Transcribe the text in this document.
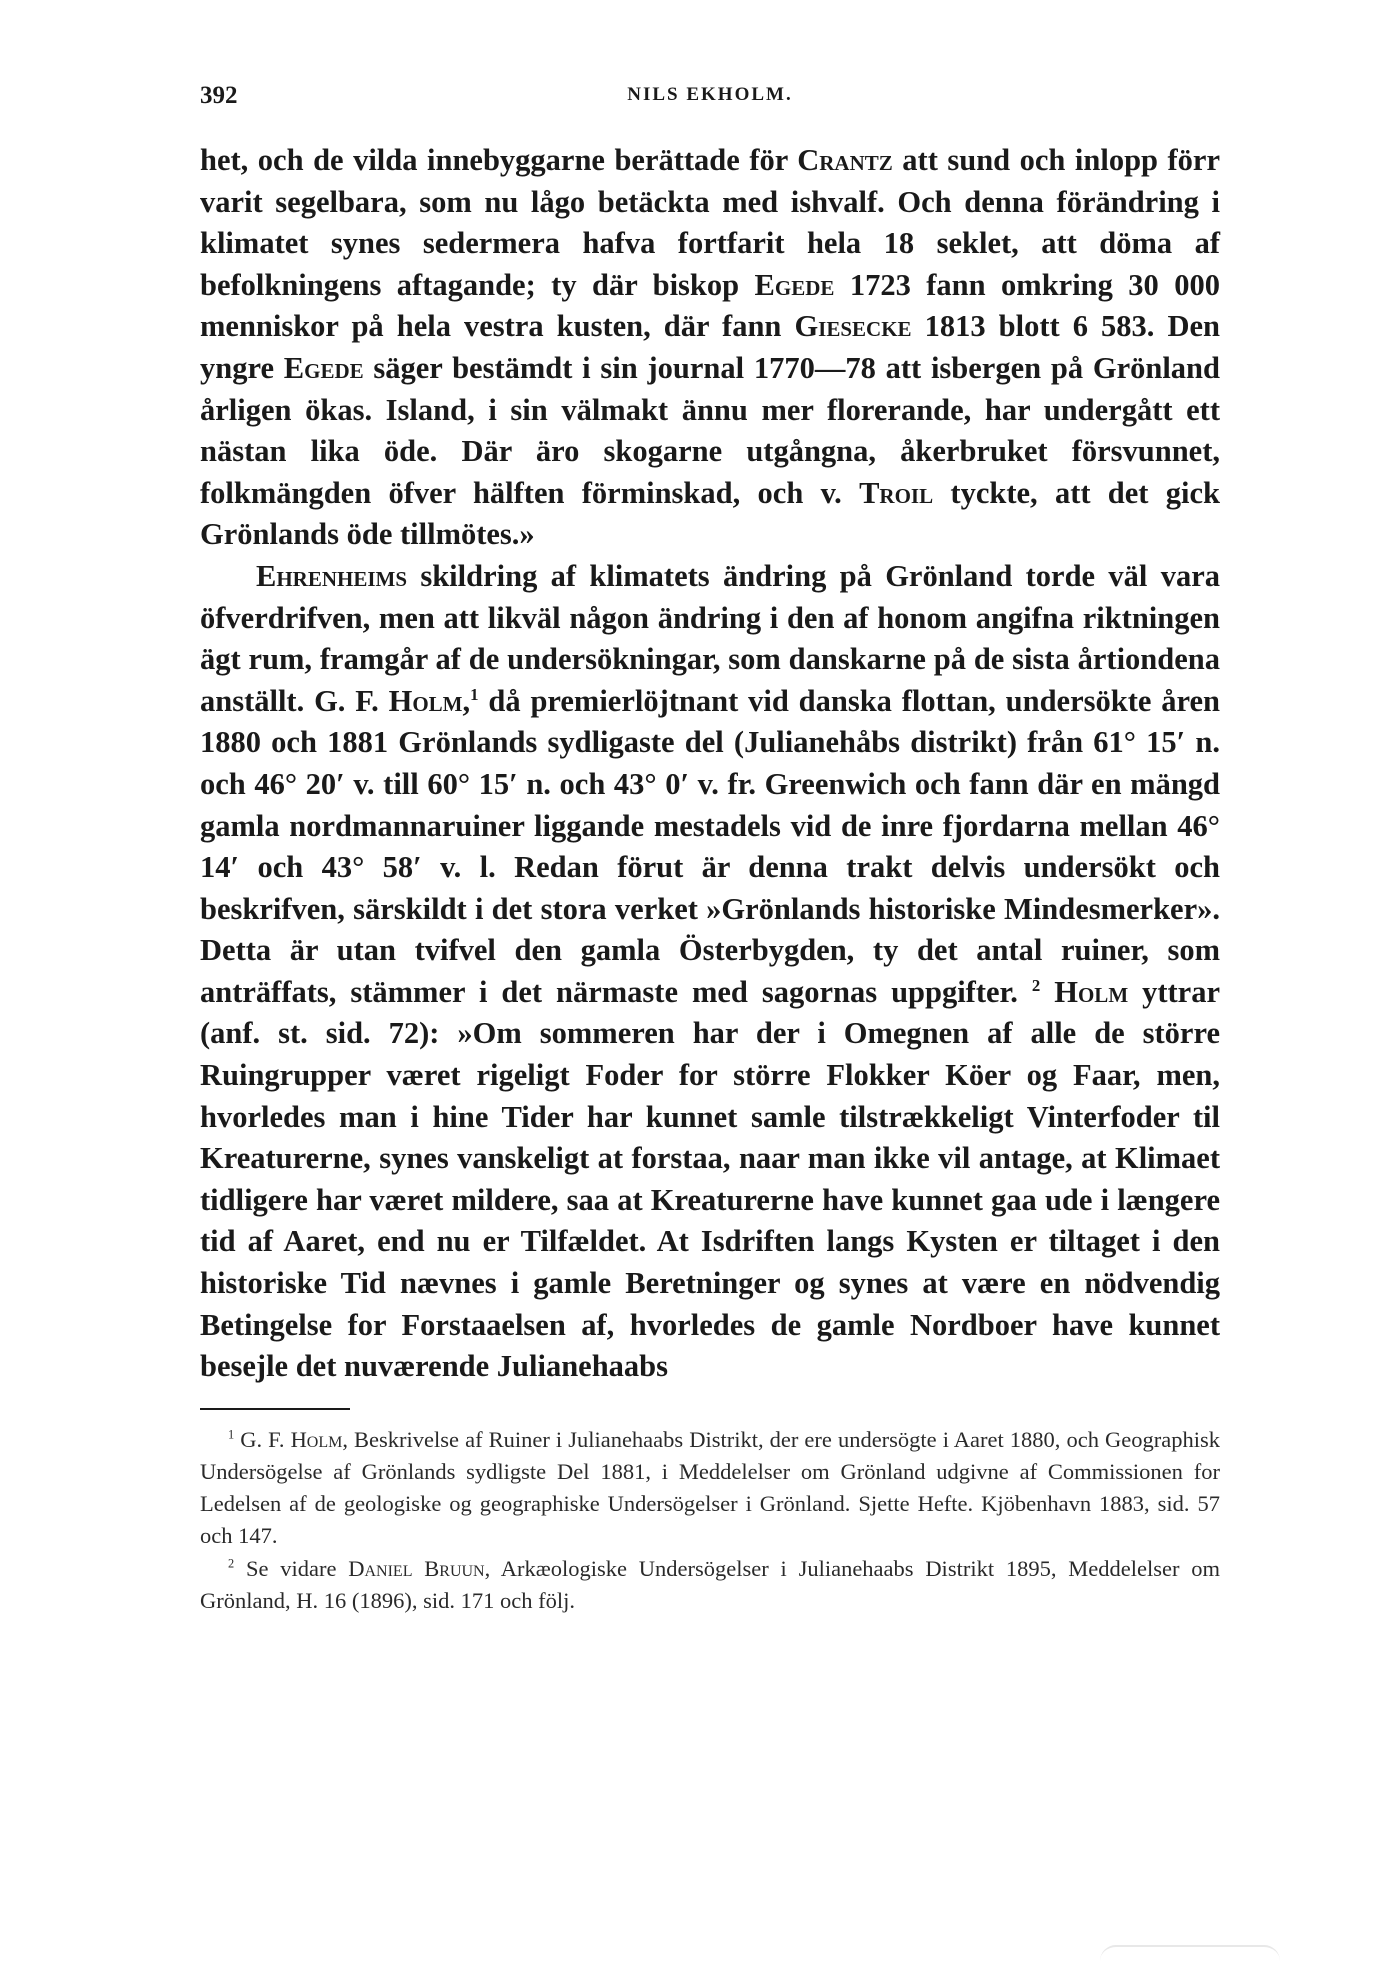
392	NILS EKHOLM.

het, och de vilda innebyggarne berättade för Crantz att sund och inlopp förr varit segelbara, som nu lågo betäckta med ishvalf. Och denna förändring i klimatet synes sedermera hafva fortfarit hela 18 seklet, att döma af befolkningens aftagande; ty där biskop Egede 1723 fann omkring 30 000 menniskor på hela vestra kusten, där fann Giesecke 1813 blott 6 583. Den yngre Egede säger bestämdt i sin journal 1770—78 att isbergen på Grönland årligen ökas. Island, i sin välmakt ännu mer florerande, har undergått ett nästan lika öde. Där äro skogarne utgångna, åkerbruket försvunnet, folkmängden öfver hälften förminskad, och v. Troil tyckte, att det gick Grönlands öde tillmötes.»

Ehrenheims skildring af klimatets ändring på Grönland torde väl vara öfverdrifven, men att likväl någon ändring i den af honom angifna riktningen ägt rum, framgår af de undersökningar, som danskarne på de sista årtiondena anställt. G. F. Holm,$^1$ då premierlöjtnant vid danska flottan, undersökte åren 1880 och 1881 Grönlands sydligaste del (Julianehåbs distrikt) från 61° 15′ n. och 46° 20′ v. till 60° 15′ n. och 43° 0′ v. fr. Greenwich och fann där en mängd gamla nordmannaruiner liggande mestadels vid de inre fjordarna mellan 46° 14′ och 43° 58′ v. l. Redan förut är denna trakt delvis undersökt och beskrifven, särskildt i det stora verket »Grönlands historiske Mindesmerker». Detta är utan tvifvel den gamla Österbygden, ty det antal ruiner, som anträffats, stämmer i det närmaste med sagornas uppgifter. $^2$ Holm yttrar (anf. st. sid. 72): »Om sommeren har der i Omegnen af alle de större Ruingrupper været rigeligt Foder for större Flokker Köer og Faar, men, hvorledes man i hine Tider har kunnet samle tilstrækkeligt Vinterfoder til Kreaturerne, synes vanskeligt at forstaa, naar man ikke vil antage, at Klimaet tidligere har været mildere, saa at Kreaturerne have kunnet gaa ude i længere tid af Aaret, end nu er Tilfældet. At Isdriften langs Kysten er tiltaget i den historiske Tid nævnes i gamle Beretninger og synes at være en nödvendig Betingelse for Forstaaelsen af, hvorledes de gamle Nordboer have kunnet besejle det nuværende Julianehaabs

$^1$ G. F. Holm, Beskrivelse af Ruiner i Julianehaabs Distrikt, der ere undersögte i Aaret 1880, och Geographisk Undersögelse af Grönlands sydligste Del 1881, i Meddelelser om Grönland udgivne af Commissionen for Ledelsen af de geologiske og geographiske Undersögelser i Grönland. Sjette Hefte. Kjöbenhavn 1883, sid. 57 och 147.

$^2$ Se vidare Daniel Bruun, Arkæologiske Undersögelser i Julianehaabs Distrikt 1895, Meddelelser om Grönland, H. 16 (1896), sid. 171 och följ.
